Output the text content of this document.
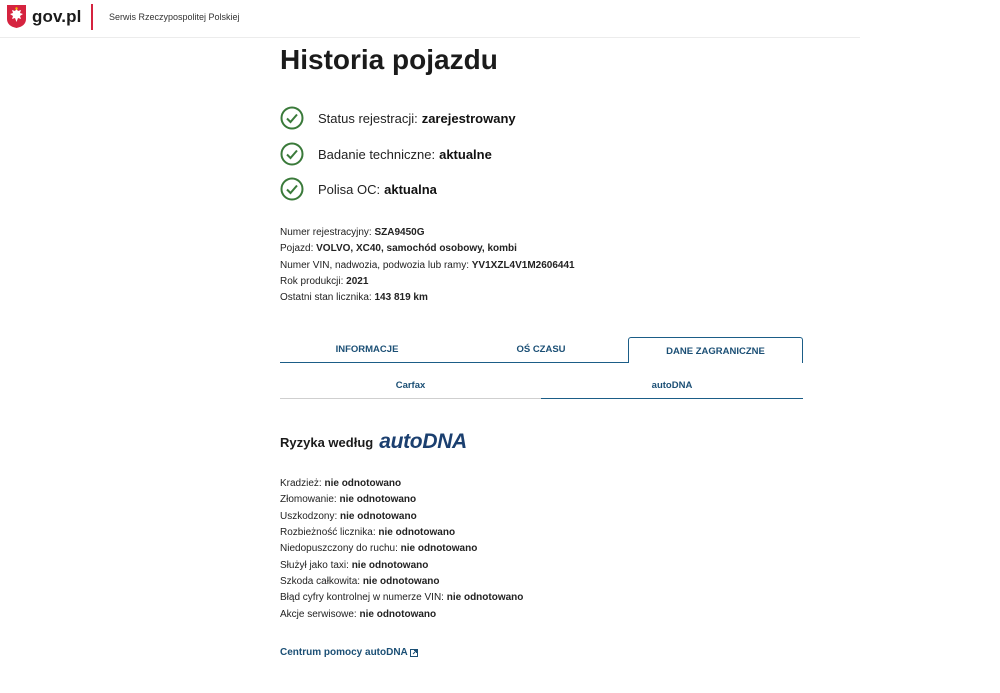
gov.pl	Serwis Rzeczypospolitej Polskiej
Historia pojazdu
Status rejestracji: zarejestrowany
Badanie techniczne: aktualne
Polisa OC: aktualna
Numer rejestracyjny: SZA9450G
Pojazd: VOLVO, XC40, samochód osobowy, kombi
Numer VIN, nadwozia, podwozia lub ramy: YV1XZL4V1M2606441
Rok produkcji: 2021
Ostatni stan licznika: 143 819 km
INFORMACJE	OŚ CZASU	DANE ZAGRANICZNE
Carfax	autoDNA
Ryzyka według autoDNA
Kradzież: nie odnotowano
Złomowanie: nie odnotowano
Uszkodzony: nie odnotowano
Rozbieżność licznika: nie odnotowano
Niedopuszczony do ruchu: nie odnotowano
Służył jako taxi: nie odnotowano
Szkoda całkowita: nie odnotowano
Błąd cyfry kontrolnej w numerze VIN: nie odnotowano
Akcje serwisowe: nie odnotowano
Centrum pomocy autoDNA
